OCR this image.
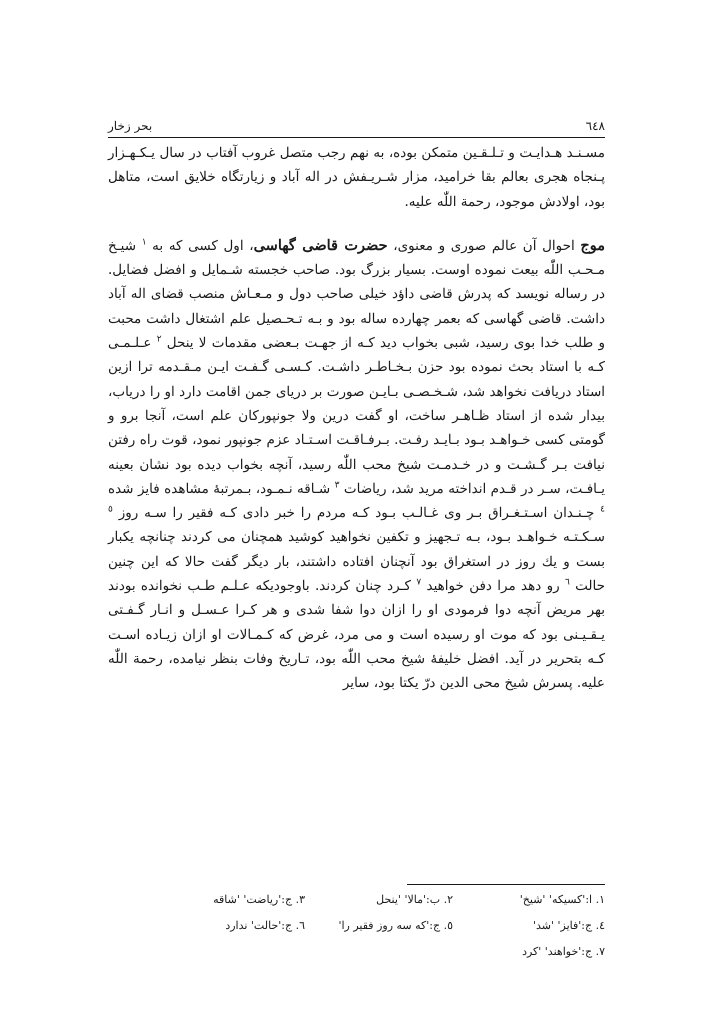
٦٤٨
بحر زخار

مسـنـد هـدايـت و تـلـقـين متمكن بوده، به نهم رجب متصل غروب آفتاب در سال يـكـهـزار پـنجاه هجرى بعالم بقا خراميد، مزار شـريـفش در اله آباد و زيارتگاه خلايق است، متاهل بود، اولادش موجود، رحمة اللّٰه عليه.

موج احوال آن عالم صورى و معنوى، حضرت قاضى گهاسى، اول كسى كه به $^١$ شيـخ مـحـب اللّٰه بيعت نموده اوست. بسيار بزرگ بود. صاحب خجسته شـمايل و افضل فضايل. در رساله نويسد كه پدرش قاضى داؤد خيلى صاحب دول و مـعـاش منصب قضاى اله آباد داشت. قاضى گهاسى كه بعمر چهارده ساله بود و بـه تـحـصيل علم اشتغال داشت محبت و طلب خدا بوى رسيد، شبى بخواب ديد كـه از جهـت بـعضى مقدمات لا ينحل $^٢$ عـلـمـى كـه با استاد بحث نموده بود حزن بـخـاطـر داشـت. كـسـى گـفـت ايـن مـقـدمه ترا ازين استاد دريافت نخواهد شد، شـخـصـى بـايـن صورت بر درياى جمن اقامت دارد او را درياب، بيدار شده از استاد ظـاهـر ساخت، او گفت درين ولا جونپوركان علم است، آنجا برو و گومتى كسى خـواهـد بـود بـايـد رفـت. بـرفـاقـت اسـتـاد عزم جونپور نمود، قوت راه رفتن نيافت بـر گـشـت و در خـدمـت شيخ محب اللّٰه رسيد، آنچه بخواب ديده بود نشان بعينه يـافـت، سـر در قـدم انداخته مريد شد، رياضات $^٣$ شـاقه نـمـود، بـمرتبهٔ مشاهده فايز شده $^٤$ چـنـدان اسـتـغـراق بـر وى غـالـب بـود كـه مردم را خبر دادى كـه فقير را سـه روز $^٥$ سـكـتـه خـواهـد بـود، بـه تـجهيز و تكفين نخواهيد كوشيد همچنان مى كردند چنانچه يكبار بست و يك روز در استغراق بود آنچنان افتاده داشتند، بار ديگر گفت حالا كه اين چنين حالت $^٦$ رو دهد مرا دفن خواهيد $^٧$ كـرد چنان كردند. باوجوديكه عـلـم طـب نخوانده بودند بهر مريض آنچه دوا فرمودى او را ازان دوا شفا شدى و هر كـرا عـسـل و انـار گـفـتى يـقـيـنى بود كه موت او رسيده است و مى مرد، غرض كه كـمـالات او ازان زيـاده اسـت كـه بتحرير در آيد. افضل خليفهٔ شيخ محب اللّٰه بود، تـاريخ وفات بنظر نيامده، رحمة اللّٰه عليه. پسرش شيخ محى الدين درّ يكتا بود، ساير

١. ا:'كسيكه' 'شيخ'
٢. ب:'مالا' 'ينحل
٣. ج:'رياضت' 'شاقه
٤. ج:'فايز' 'شد'
٥. ج:'كه سه روز فقير را'
٦. ج:'حالت' ندارد
٧. ج:'خواهند' 'كرد
